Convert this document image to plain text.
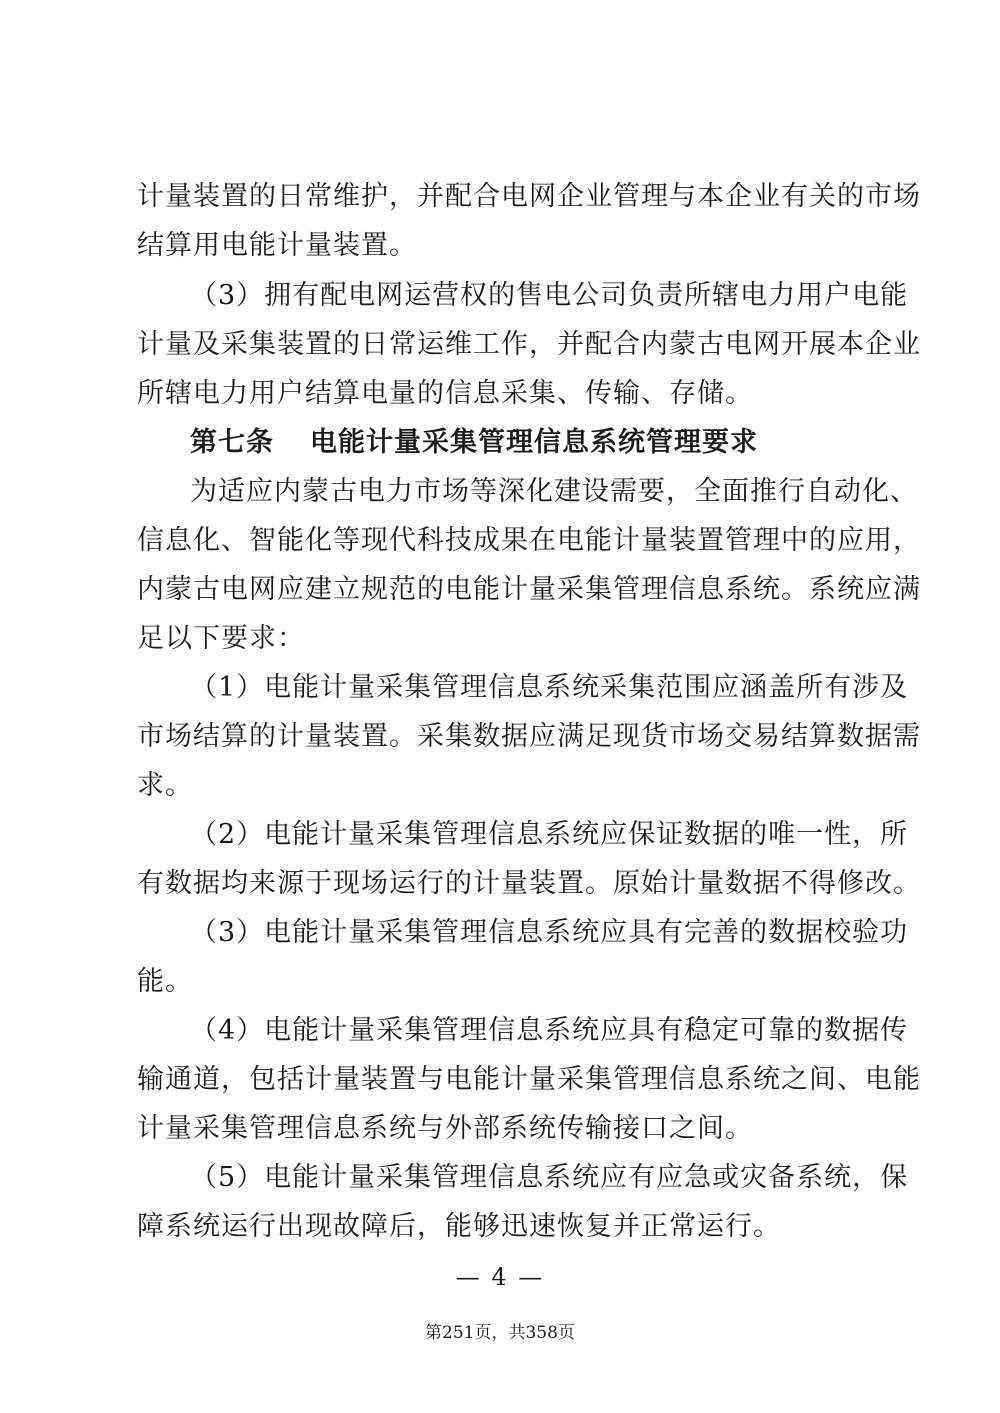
计量装置的日常维护，并配合电网企业管理与本企业有关的市场
结算用电能计量装置。
（3）拥有配电网运营权的售电公司负责所辖电力用户电能
计量及采集装置的日常运维工作，并配合内蒙古电网开展本企业
所辖电力用户结算电量的信息采集、传输、存储。
第七条 电能计量采集管理信息系统管理要求
为适应内蒙古电力市场等深化建设需要，全面推行自动化、
信息化、智能化等现代科技成果在电能计量装置管理中的应用，
内蒙古电网应建立规范的电能计量采集管理信息系统。系统应满
足以下要求：
（1）电能计量采集管理信息系统采集范围应涵盖所有涉及
市场结算的计量装置。采集数据应满足现货市场交易结算数据需
求。
（2）电能计量采集管理信息系统应保证数据的唯一性，所
有数据均来源于现场运行的计量装置。原始计量数据不得修改。
（3）电能计量采集管理信息系统应具有完善的数据校验功
能。
（4）电能计量采集管理信息系统应具有稳定可靠的数据传
输通道，包括计量装置与电能计量采集管理信息系统之间、电能
计量采集管理信息系统与外部系统传输接口之间。
（5）电能计量采集管理信息系统应有应急或灾备系统，保
障系统运行出现故障后，能够迅速恢复并正常运行。
— 4 —
第251页，共358页
